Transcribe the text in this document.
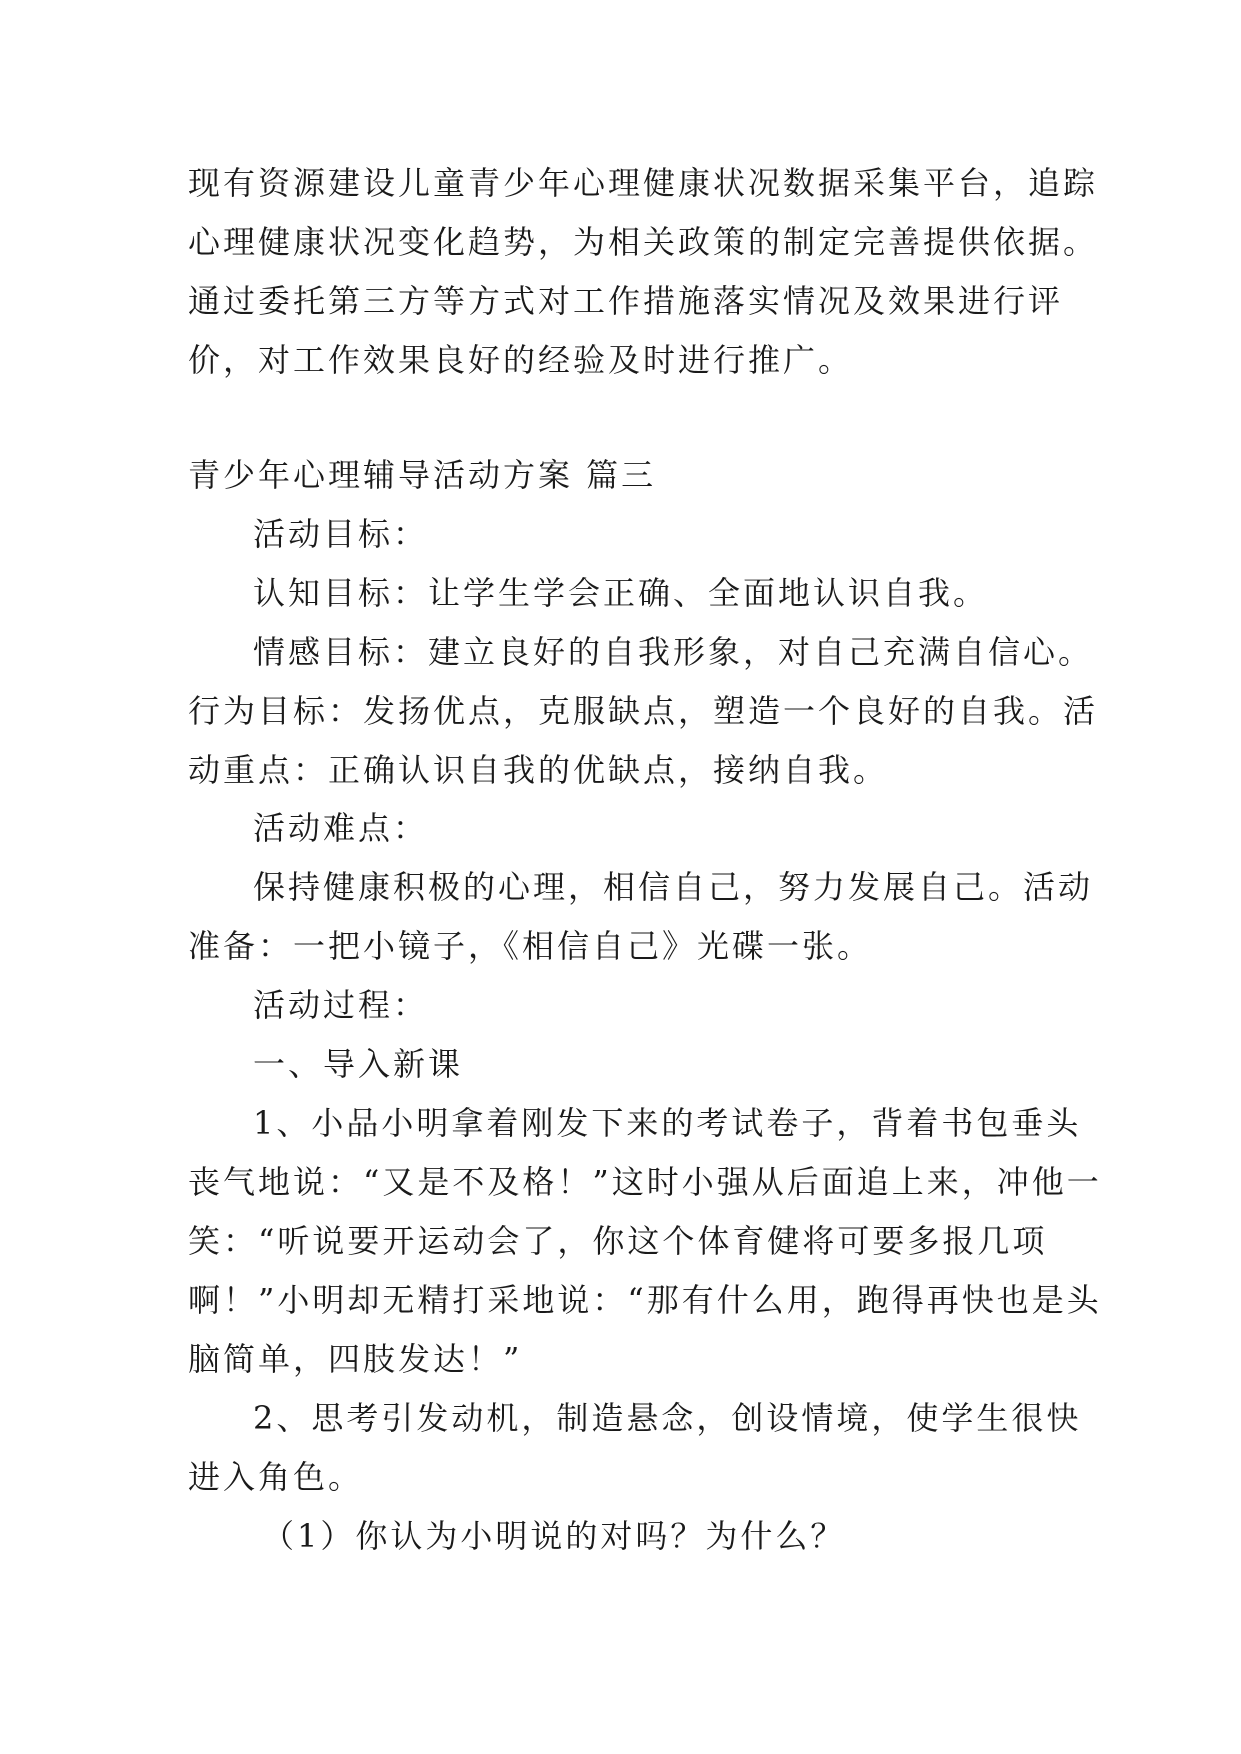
现有资源建设儿童青少年心理健康状况数据采集平台，追踪
心理健康状况变化趋势，为相关政策的制定完善提供依据。
通过委托第三方等方式对工作措施落实情况及效果进行评
价，对工作效果良好的经验及时进行推广。
青少年心理辅导活动方案 篇三
活动目标：
认知目标：让学生学会正确、全面地认识自我。
情感目标：建立良好的自我形象，对自己充满自信心。
行为目标：发扬优点，克服缺点，塑造一个良好的自我。活
动重点：正确认识自我的优缺点，接纳自我。
活动难点：
保持健康积极的心理，相信自己，努力发展自己。活动
准备：一把小镜子，《相信自己》光碟一张。
活动过程：
一、导入新课
1、小品小明拿着刚发下来的考试卷子，背着书包垂头
丧气地说：“又是不及格！”这时小强从后面追上来，冲他一
笑：“听说要开运动会了，你这个体育健将可要多报几项
啊！”小明却无精打采地说：“那有什么用，跑得再快也是头
脑简单，四肢发达！”
2、思考引发动机，制造悬念，创设情境，使学生很快
进入角色。
（1）你认为小明说的对吗？为什么？
